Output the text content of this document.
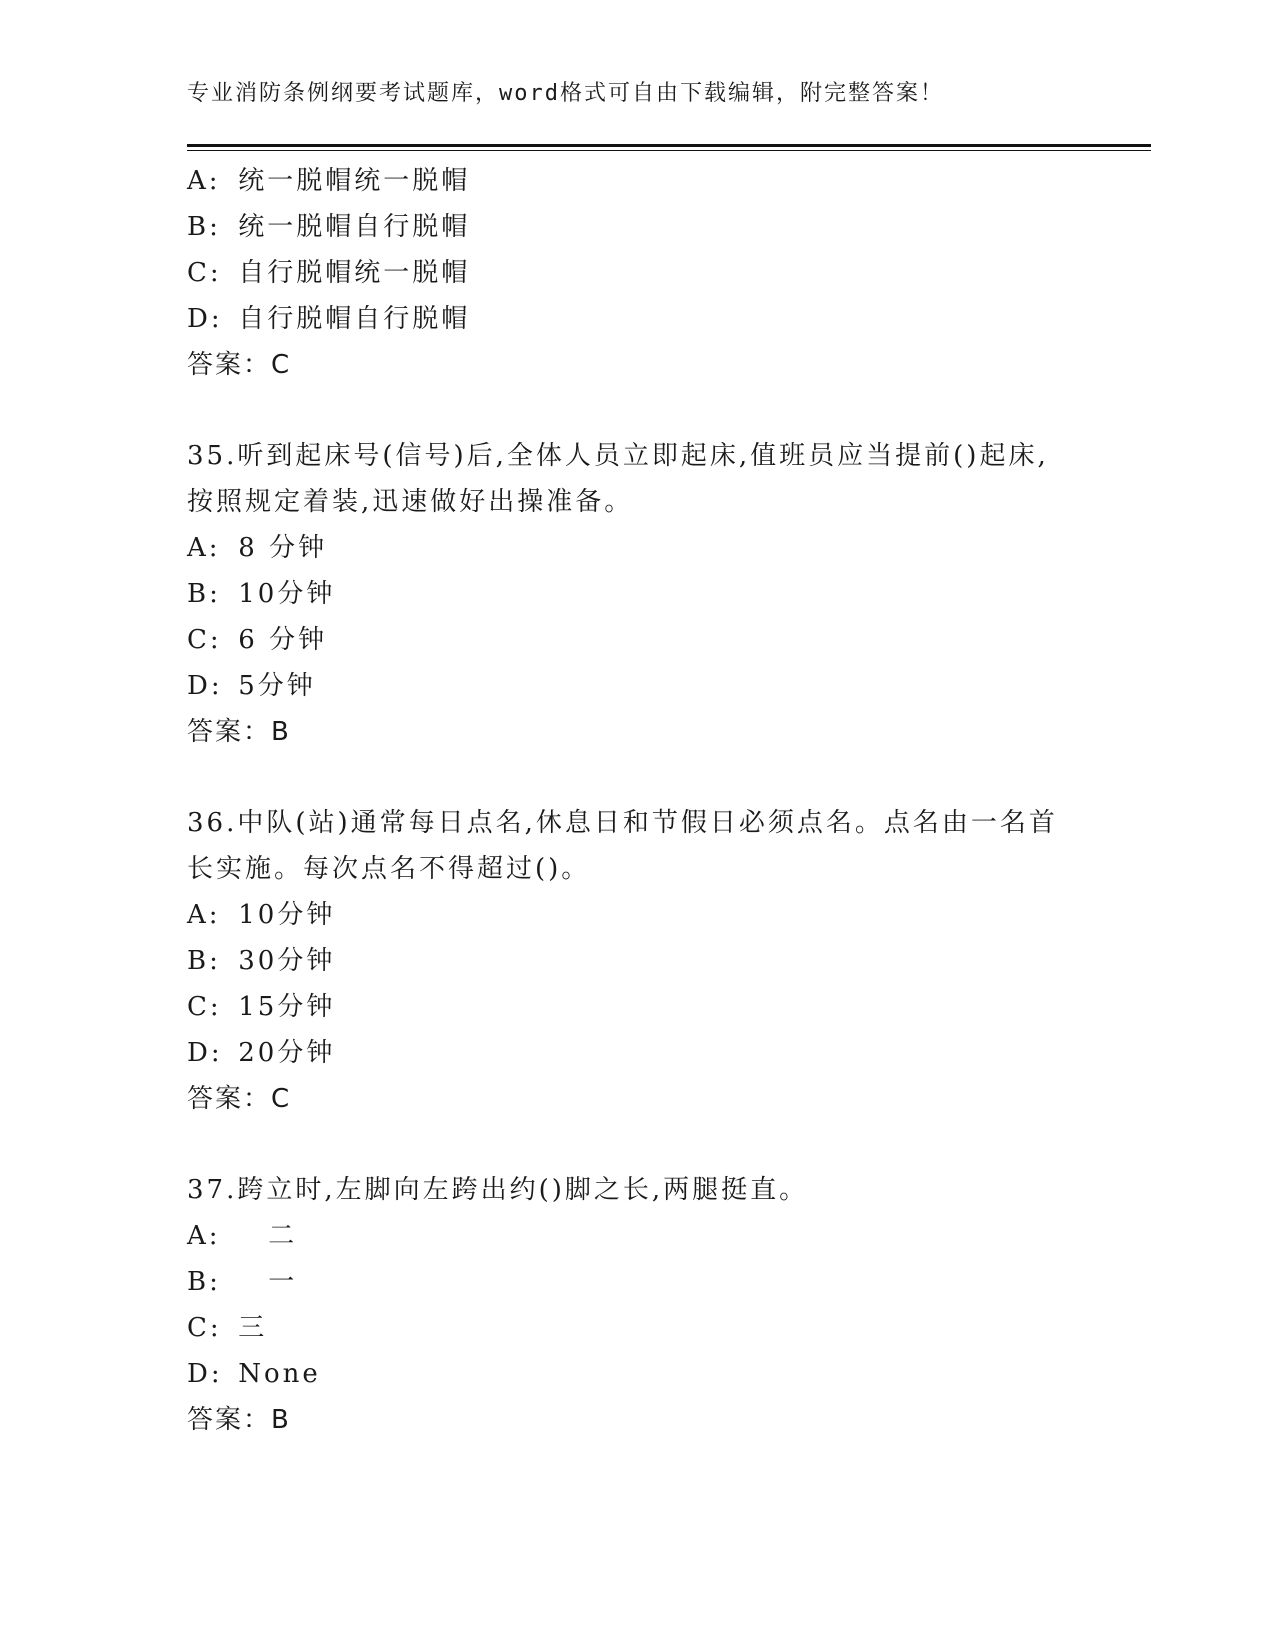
专业消防条例纲要考试题库，word格式可自由下载编辑，附完整答案！
A: 统一脱帽统一脱帽
B: 统一脱帽自行脱帽
C: 自行脱帽统一脱帽
D: 自行脱帽自行脱帽
答案：C
35.听到起床号(信号)后,全体人员立即起床,值班员应当提前()起床,按照规定着装,迅速做好出操准备。
A: 8 分钟
B: 10分钟
C: 6 分钟
D: 5分钟
答案：B
36.中队(站)通常每日点名,休息日和节假日必须点名。点名由一名首长实施。每次点名不得超过()。
A: 10分钟
B: 30分钟
C: 15分钟
D: 20分钟
答案：C
37.跨立时,左脚向左跨出约()脚之长,两腿挺直。
A: 二
B: 一
C: 三
D: None
答案：B
